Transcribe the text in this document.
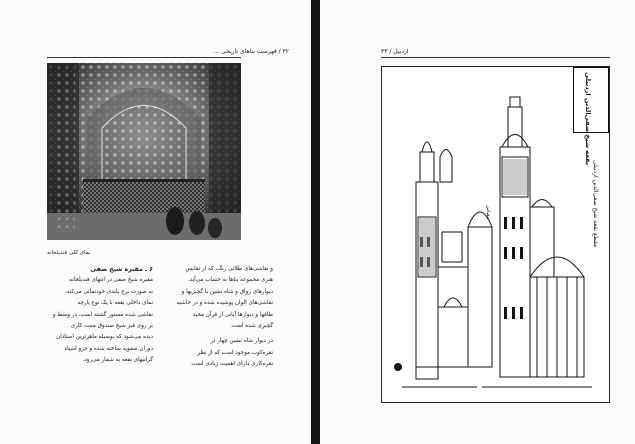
۳۲ / فهرست بناهای تاریخی ...
نمای کلی قندیلخانه

و نقاشی‌های طلائی رنگ، که از نفایس

هنری مجموعه بناها به حساب می‌آید،

دیوارهای رواق و شاه نشین با گچبریها و

نقاشی‌های الوان پوشیده شده و در حاشیه

طاقها و دیوارها آیاتی از قرآن مجید

گچبری شده است.

در دیوار شاه نشین چهار در

نقره‌کوب موجود است که از نظر

نقره‌کاری دارای اهمیت زیادی است.

۶ ـ مقبره شیخ صفی

مقبره شیخ صفی در انتهای قندیلخانه

به صورت برج بلندی خودنمائی می‌کند،

نمای داخلی بقعه با یک نوع پارچه

نقاشی شده مستور گشته است، در وسط و

بر روی قبر شیخ صندوق منبت کاری

دیده می‌شود که بوسیله ماهرترین استادان

دوران صفویه ساخته شده و جزو اشیاء

گرانبهای بقعه به شمار می‌رود.

اردبیل / ۳۳
مقطع بقعه شیخ صفی‌الدین اردبیلی
مقیاس
بقعه شیخ صفی‌الدین اردبیلی
